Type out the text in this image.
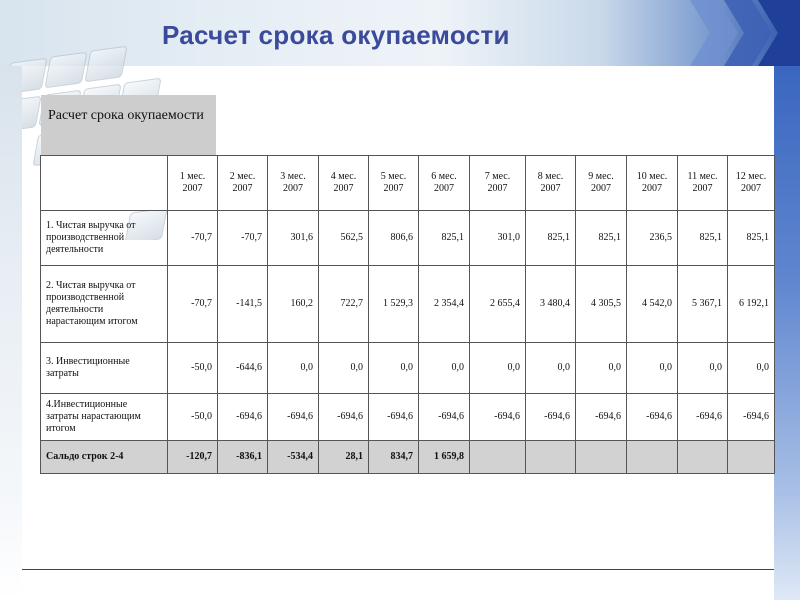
Расчет срока окупаемости
Расчет срока окупаемости
	1 мес. 2007	2 мес. 2007	3 мес. 2007	4 мес. 2007	5 мес. 2007	6 мес. 2007	7 мес. 2007	8 мес. 2007	9 мес. 2007	10 мес. 2007	11 мес. 2007	12 мес. 2007
1. Чистая выручка от производственной деятельности	-70,7	-70,7	301,6	562,5	806,6	825,1	301,0	825,1	825,1	236,5	825,1	825,1
2. Чистая выручка от производственной деятельности нарастающим итогом	-70,7	-141,5	160,2	722,7	1 529,3	2 354,4	2 655,4	3 480,4	4 305,5	4 542,0	5 367,1	6 192,1
3. Инвестиционные затраты	-50,0	-644,6	0,0	0,0	0,0	0,0	0,0	0,0	0,0	0,0	0,0	0,0
4.Инвестиционные затраты нарастающим итогом	-50,0	-694,6	-694,6	-694,6	-694,6	-694,6	-694,6	-694,6	-694,6	-694,6	-694,6	-694,6
Сальдо строк 2-4	-120,7	-836,1	-534,4	28,1	834,7	1 659,8						
